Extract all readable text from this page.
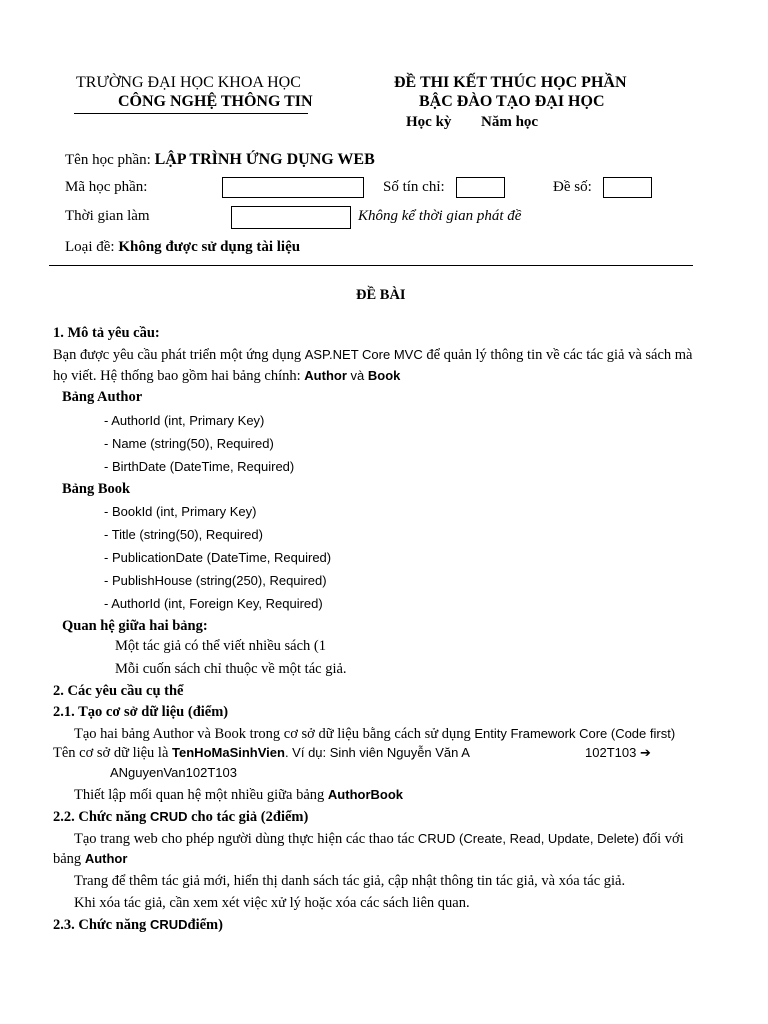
TRƯỜNG ĐẠI HỌC KHOA HỌC
CÔNG NGHỆ THÔNG TIN
ĐỀ THI KẾT THÚC HỌC PHẦN
BẬC ĐÀO TẠO ĐẠI HỌC
Học kỳ Năm học
Tên học phần: LẬP TRÌNH ỨNG DỤNG WEB
Mã học phần:	Số tín chỉ:	Đề số:
Thời gian làm	Không kể thời gian phát đề
Loại đề: Không được sử dụng tài liệu
ĐỀ BÀI
1. Mô tả yêu cầu:
Bạn được yêu cầu phát triển một ứng dụng ASP.NET Core MVC để quản lý thông tin về các tác giả và sách mà
họ viết. Hệ thống bao gồm hai bảng chính: Author và Book
Bảng Author
- AuthorId (int, Primary Key)
- Name (string(50), Required)
- BirthDate (DateTime, Required)
Bảng Book
- BookId (int, Primary Key)
- Title (string(50), Required)
- PublicationDate (DateTime, Required)
- PublishHouse (string(250), Required)
- AuthorId (int, Foreign Key, Required)
Quan hệ giữa hai bảng:
Một tác giả có thể viết nhiều sách (1
Mỗi cuốn sách chỉ thuộc về một tác giả.
2. Các yêu cầu cụ thể
2.1. Tạo cơ sở dữ liệu (
điểm)
Tạo hai bảng Author và Book trong cơ sở dữ liệu bằng cách sử dụng Entity Framework Core (Code first)
Tên cơ sở dữ liệu là TenHoMaSinhVien. Ví dụ: Sinh viên Nguyễn Văn A	102T103 ➔
ANguyenVan102T103
Thiết lập mối quan hệ một nhiều giữa bảng Author
Book
2.2. Chức năng CRUD cho tác giả (2
điểm)
Tạo trang web cho phép người dùng thực hiện các thao tác CRUD (Create, Read, Update, Delete) đối với
bảng Author
Trang để thêm tác giả mới, hiển thị danh sách tác giả, cập nhật thông tin tác giả, và xóa tác giả.
Khi xóa tác giả, cần xem xét việc xử lý hoặc xóa các sách liên quan.
2.3. Chức năng CRUD
điểm)
